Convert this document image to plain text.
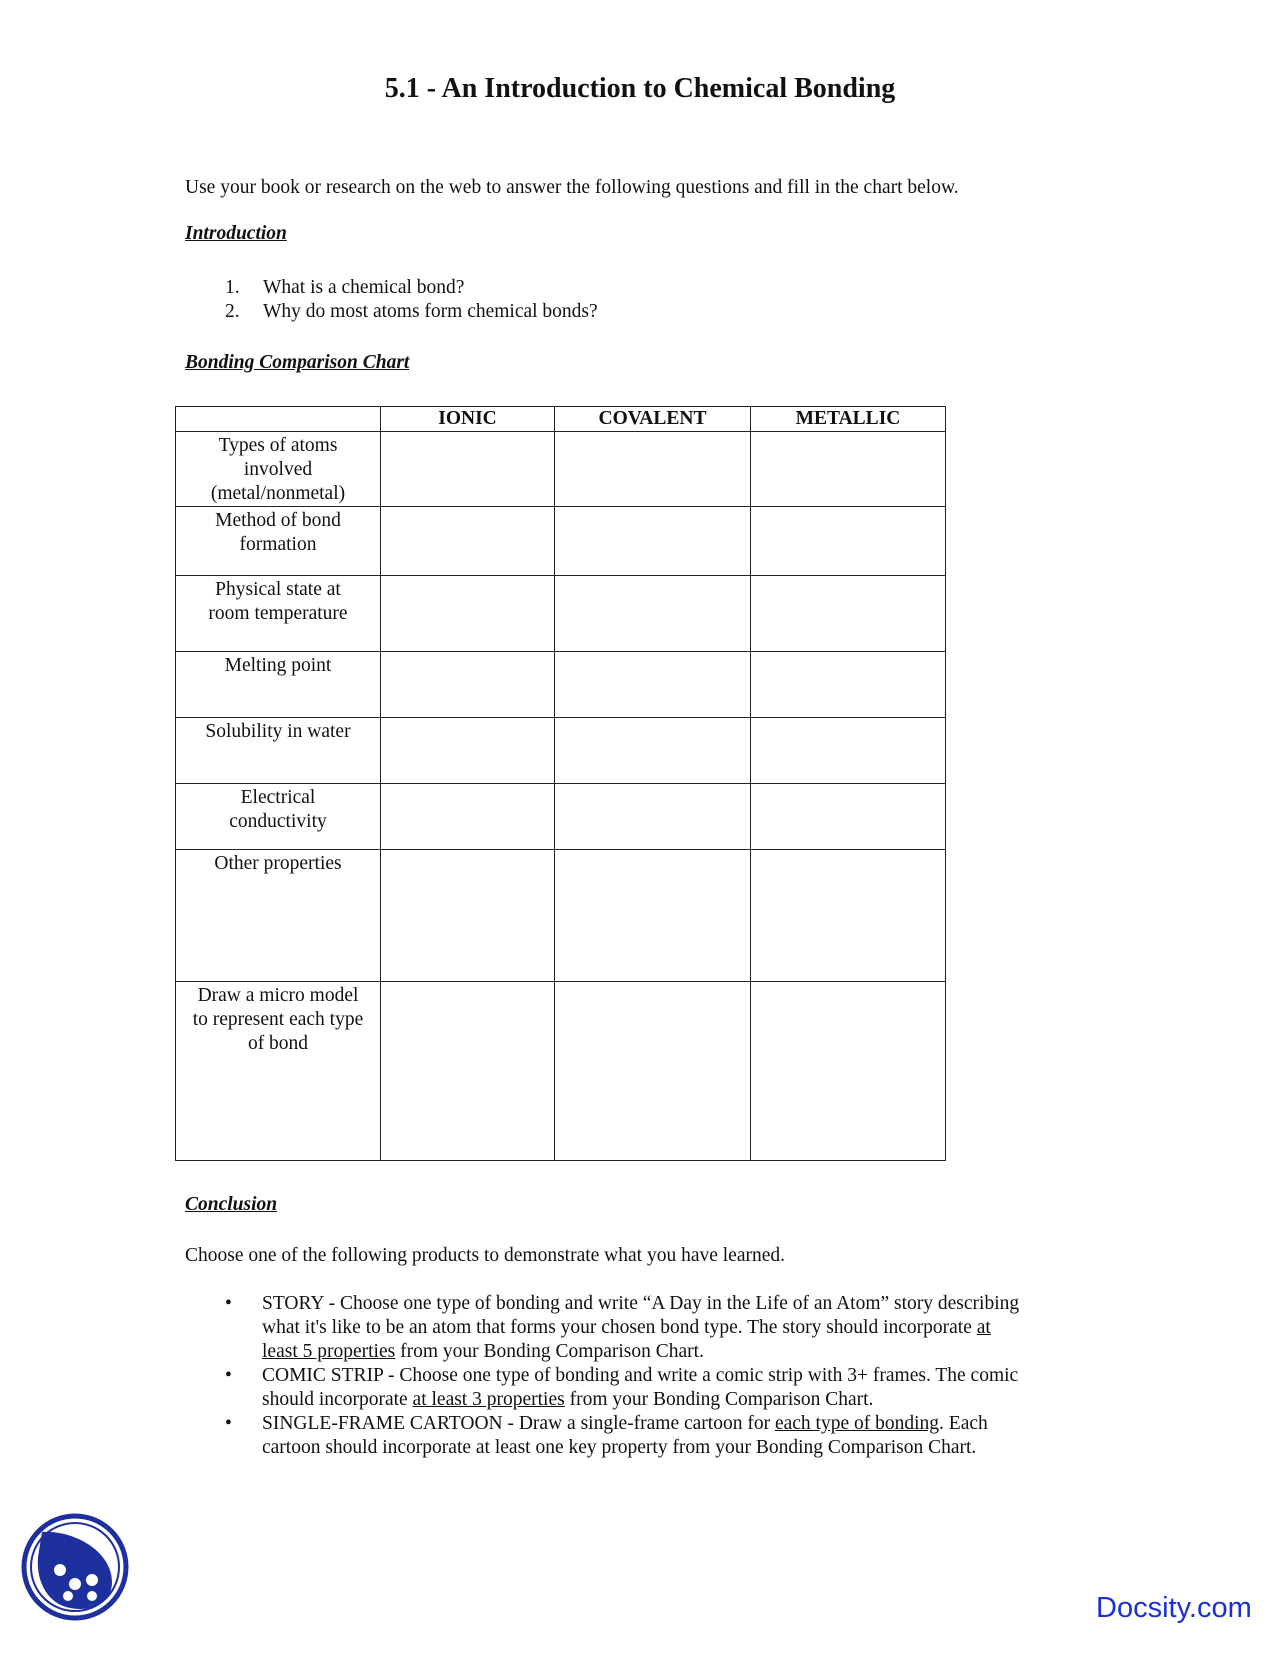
5.1 - An Introduction to Chemical Bonding
Use your book or research on the web to answer the following questions and fill in the chart below.
Introduction
1.	What is a chemical bond?
2.	Why do most atoms form chemical bonds?
Bonding Comparison Chart
	IONIC	COVALENT	METALLIC

Types of atoms
involved
(metal/nonmetal)			

Method of bond
formation			

Physical state at
room temperature			

Melting point			

Solubility in water			

Electrical
conductivity			

Other properties			

Draw a micro model
to represent each type
of bond			

Conclusion
Choose one of the following products to demonstrate what you have learned.
• STORY - Choose one type of bonding and write “A Day in the Life of an Atom” story describing
what it's like to be an atom that forms your chosen bond type. The story should incorporate at
least 5 properties from your Bonding Comparison Chart.
• COMIC STRIP - Choose one type of bonding and write a comic strip with 3+ frames. The comic
should incorporate at least 3 properties from your Bonding Comparison Chart.
• SINGLE-FRAME CARTOON - Draw a single-frame cartoon for each type of bonding. Each
cartoon should incorporate at least one key property from your Bonding Comparison Chart.
Docsity.com
